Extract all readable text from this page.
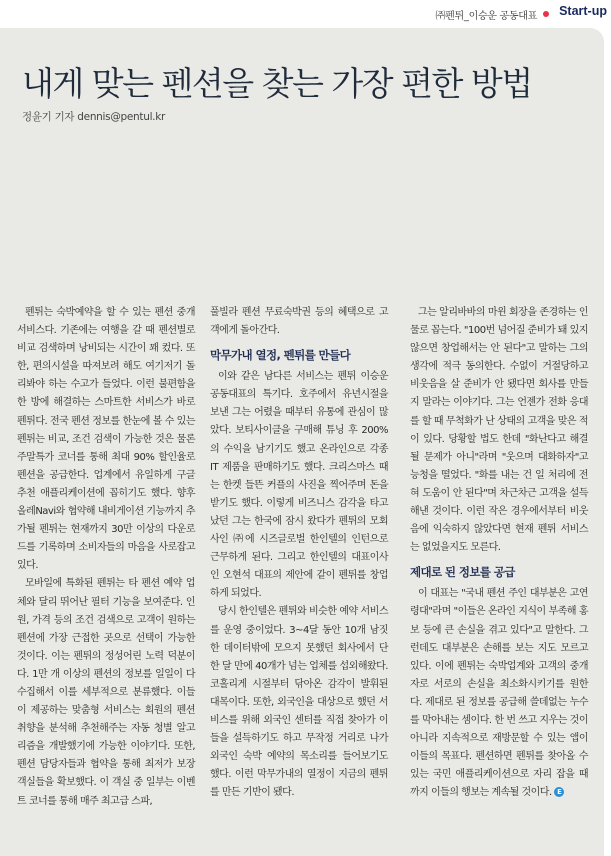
㈜펜튀_이승운 공동대표 Start-up
내게 맞는 펜션을 찾는 가장 편한 방법
정윤기 기자 dennis@pentul.kr

펜튀는 숙박예약을 할 수 있는 펜션 중개 서비스다. 기존에는 여행을 갈 때 펜션별로 비교 검색하며 낭비되는 시간이 꽤 컸다. 또한, 편의시설을 따져보려 해도 여기저기 돌리봐야 하는 수고가 들었다. 이런 불편함을 한 방에 해결하는 스마트한 서비스가 바로 펜튀다. 전국 펜션 정보를 한눈에 볼 수 있는 펜튀는 비교, 조건 검색이 가능한 것은 물론 주말특가 코너를 통해 최대 90% 할인율로 펜션을 공급한다. 업계에서 유일하게 구글 추천 애플리케이션에 꼽히기도 했다. 향후 올레Navi와 협약해 내비게이션 기능까지 추가될 펜튀는 현재까지 30만 이상의 다운로드를 기록하며 소비자들의 마음을 사로잡고 있다.

모바일에 특화된 펜튀는 타 펜션 예약 업체와 달리 뛰어난 필터 기능을 보여준다. 인원, 가격 등의 조건 검색으로 고객이 원하는 펜션에 가장 근접한 곳으로 선택이 가능한 것이다. 이는 펜튀의 정성어린 노력 덕분이다. 1만 개 이상의 펜션의 정보를 일일이 다 수집해서 이를 세부적으로 분류했다. 이들이 제공하는 맞춤형 서비스는 회원의 펜션 취향을 분석해 추천해주는 자동 청별 알고리즘을 개발했기에 가능한 이야기다. 또한, 펜션 담당자들과 협약을 통해 최저가 보장 객실들을 확보했다. 이 객실 중 일부는 이벤트 코너를 통해 매주 최고급 스파,

풀빌라 펜션 무료숙박권 등의 혜택으로 고객에게 돌아간다.

막무가내 열정, 펜튀를 만들다

이와 같은 남다른 서비스는 펜튀 이승운 공동대표의 특기다. 호주에서 유년시절을 보낸 그는 어렸을 때부터 유통에 관심이 많았다. 보티사이클을 구매해 튜닝 후 200%의 수익을 남기기도 했고 온라인으로 각종 IT 제품을 판매하기도 했다. 크리스마스 때는 한켓 들뜬 커플의 사진을 찍어주며 돈을 받기도 했다. 이렇게 비즈니스 감각을 타고났던 그는 한국에 잠시 왔다가 펜튀의 모회사인 ㈜에 시즈글로벌 한인텔의 인턴으로 근무하게 된다. 그리고 한인텔의 대표이사인 오현석 대표의 제안에 같이 펜튀를 창업하게 되었다.

당시 한인텔은 펜튀와 비슷한 예약 서비스를 운영 중이었다. 3~4달 동안 10개 남짓한 데이터밖에 모으지 못했던 회사에서 단 한 달 만에 40개가 넘는 업체를 섭외해왔다. 코홀리게 시절부터 닦아온 감각이 발휘된 대목이다. 또한, 외국인을 대상으로 했던 서비스를 위해 외국인 센터를 직접 찾아가 이들을 설득하기도 하고 무작정 거리로 나가 외국인 숙박 예약의 목소리를 들어보기도 했다. 이런 막무가내의 열정이 지금의 펜튀를 만든 기반이 됐다.

그는 알리바바의 마윈 회장을 존경하는 인물로 꼽는다. "100번 넘어질 준비가 돼 있지 않으면 창업해서는 안 된다"고 말하는 그의 생각에 적극 동의한다. 수없이 거절당하고 비웃음을 살 준비가 안 됐다면 회사를 만들지 말라는 이야기다. 그는 언젠가 전화 응대를 할 때 무척화가 난 상태의 고객을 맞은 적이 있다. 당황할 법도 한데 "화난다고 해결될 문제가 아니"라며 "웃으며 대화하자"고 능청을 떨었다. "화를 내는 건 일 처리에 전혀 도움이 안 된다"며 차근차근 고객을 설득해낸 것이다. 이런 작은 경우에서부터 비웃음에 익숙하지 않았다면 현재 펜튀 서비스는 없었을지도 모른다.

제대로 된 정보를 공급

이 대표는 "국내 펜션 주인 대부분은 고연령대"라며 "이들은 온라인 지식이 부족해 홍보 등에 큰 손실을 겪고 있다"고 말한다. 그런데도 대부분은 손해를 보는 지도 모르고 있다. 이에 펜튀는 숙박업계와 고객의 중개자로 서로의 손실을 최소화시키기를 원한다. 제대로 된 정보를 공급해 쓸데없는 누수를 막아내는 셈이다. 한 번 쓰고 지우는 것이 아니라 지속적으로 재방문할 수 있는 앱이 이들의 목표다. 펜션하면 펜튀를 찾아올 수 있는 국민 애플리케이션으로 자리 잡을 때까지 이들의 행보는 계속될 것이다. E
